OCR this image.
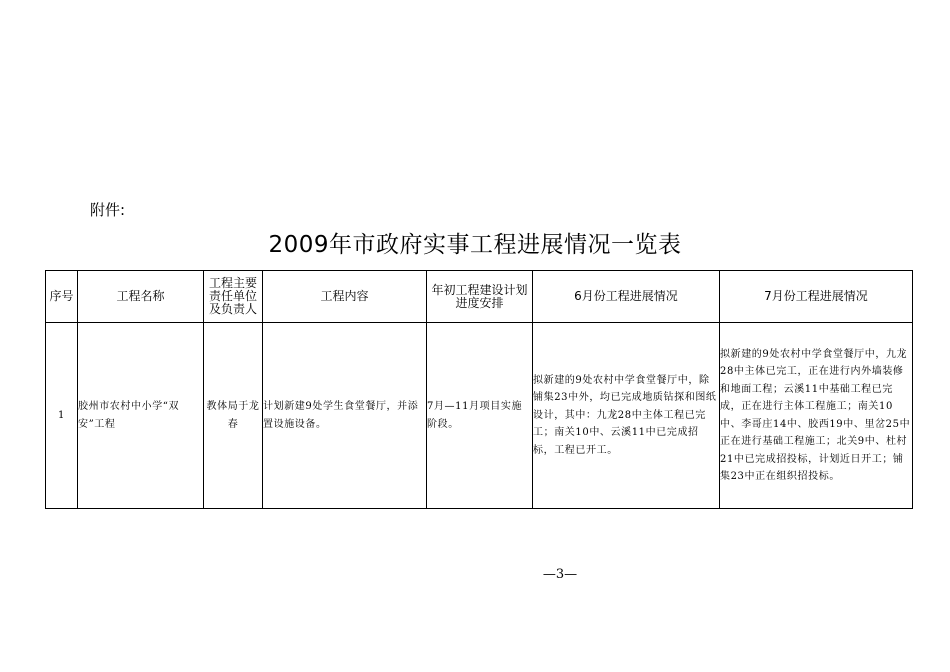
附件:
2009年市政府实事工程进展情况一览表
序号	工程名称	工程主要责任单位及负责人	工程内容	年初工程建设计划进度安排	6月份工程进展情况	7月份工程进展情况
1	胶州市农村中小学“双安”工程	教体局于龙春	计划新建9处学生食堂餐厅，并添置设施设备。	7月—11月项目实施阶段。	拟新建的9处农村中学食堂餐厅中，除铺集23中外，均已完成地质钻探和图纸设计，其中：九龙28中主体工程已完工；南关10中、云溪11中已完成招标，工程已开工。	拟新建的9处农村中学食堂餐厅中，九龙28中主体已完工，正在进行内外墙装修和地面工程；云溪11中基础工程已完成，正在进行主体工程施工；南关10中、李哥庄14中、胶西19中、里岔25中正在进行基础工程施工；北关9中、杜村21中已完成招投标，计划近日开工；铺集23中正在组织招投标。
—3—
